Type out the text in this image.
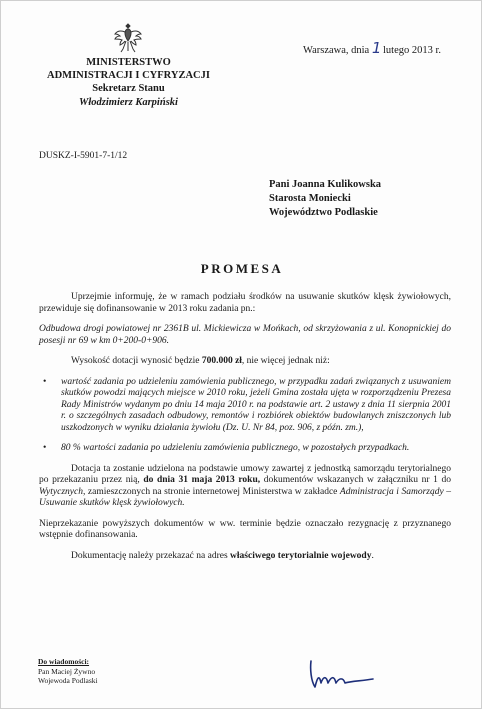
MINISTERSTWO
ADMINISTRACJI I CYFRYZACJI
Sekretarz Stanu
Włodzimierz Karpiński
Warszawa, dnia 1 lutego 2013 r.
DUSKZ-I-5901-7-1/12
Pani Joanna Kulikowska
Starosta Moniecki
Województwo Podlaskie
PROMESA

Uprzejmie informuję, że w ramach podziału środków na usuwanie skutków klęsk żywiołowych, przewiduje się dofinansowanie w 2013 roku zadania pn.:

Odbudowa drogi powiatowej nr 2361B ul. Mickiewicza w Mońkach, od skrzyżowania z ul. Konopnickiej do posesji nr 69 w km 0+200-0+906.

Wysokość dotacji wynosić będzie 700.000 zł, nie więcej jednak niż:

• wartość zadania po udzieleniu zamówienia publicznego, w przypadku zadań związanych z usuwaniem skutków powodzi mających miejsce w 2010 roku, jeżeli Gmina została ujęta w rozporządzeniu Prezesa Rady Ministrów wydanym po dniu 14 maja 2010 r. na podstawie art. 2 ustawy z dnia 11 sierpnia 2001 r. o szczególnych zasadach odbudowy, remontów i rozbiórek obiektów budowlanych zniszczonych lub uszkodzonych w wyniku działania żywiołu (Dz. U. Nr 84, poz. 906, z późn. zm.),
• 80 % wartości zadania po udzieleniu zamówienia publicznego, w pozostałych przypadkach.

Dotacja ta zostanie udzielona na podstawie umowy zawartej z jednostką samorządu terytorialnego po przekazaniu przez nią, do dnia 31 maja 2013 roku, dokumentów wskazanych w załączniku nr 1 do Wytycznych, zamieszczonych na stronie internetowej Ministerstwa w zakładce Administracja i Samorządy – Usuwanie skutków klęsk żywiołowych.

Nieprzekazanie powyższych dokumentów w ww. terminie będzie oznaczało rezygnację z przyznanego wstępnie dofinansowania.

Dokumentację należy przekazać na adres właściwego terytorialnie wojewody.

Do wiadomości:
Pan Maciej Żywno
Wojewoda Podlaski
